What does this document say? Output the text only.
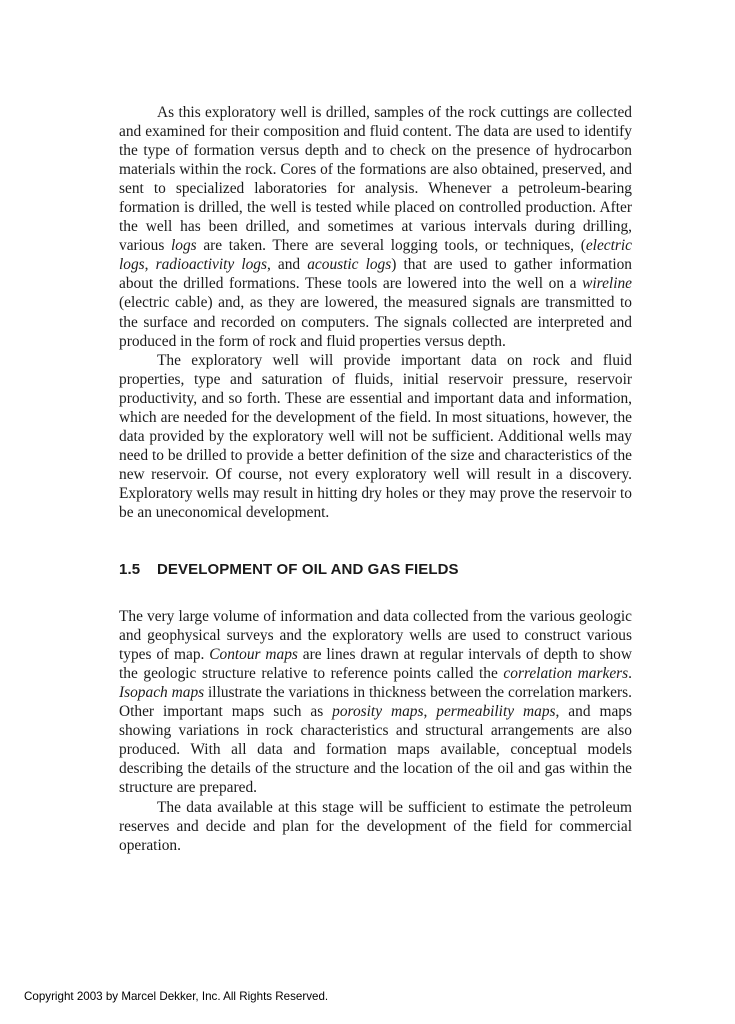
As this exploratory well is drilled, samples of the rock cuttings are collected and examined for their composition and fluid content. The data are used to identify the type of formation versus depth and to check on the presence of hydrocarbon materials within the rock. Cores of the formations are also obtained, preserved, and sent to specialized laboratories for analysis. Whenever a petroleum-bearing formation is drilled, the well is tested while placed on controlled production. After the well has been drilled, and sometimes at various intervals during drilling, various logs are taken. There are several logging tools, or techniques, (electric logs, radioactivity logs, and acoustic logs) that are used to gather information about the drilled formations. These tools are lowered into the well on a wireline (electric cable) and, as they are lowered, the measured signals are transmitted to the surface and recorded on computers. The signals collected are interpreted and produced in the form of rock and fluid properties versus depth.

The exploratory well will provide important data on rock and fluid properties, type and saturation of fluids, initial reservoir pressure, reservoir productivity, and so forth. These are essential and important data and information, which are needed for the development of the field. In most situations, however, the data provided by the exploratory well will not be sufficient. Additional wells may need to be drilled to provide a better definition of the size and characteristics of the new reservoir. Of course, not every exploratory well will result in a discovery. Exploratory wells may result in hitting dry holes or they may prove the reservoir to be an uneconomical development.

1.5 DEVELOPMENT OF OIL AND GAS FIELDS

The very large volume of information and data collected from the various geologic and geophysical surveys and the exploratory wells are used to construct various types of map. Contour maps are lines drawn at regular intervals of depth to show the geologic structure relative to reference points called the correlation markers. Isopach maps illustrate the variations in thickness between the correlation markers. Other important maps such as porosity maps, permeability maps, and maps showing variations in rock characteristics and structural arrangements are also produced. With all data and formation maps available, conceptual models describing the details of the structure and the location of the oil and gas within the structure are prepared.

The data available at this stage will be sufficient to estimate the petroleum reserves and decide and plan for the development of the field for commercial operation.

Copyright 2003 by Marcel Dekker, Inc. All Rights Reserved.
